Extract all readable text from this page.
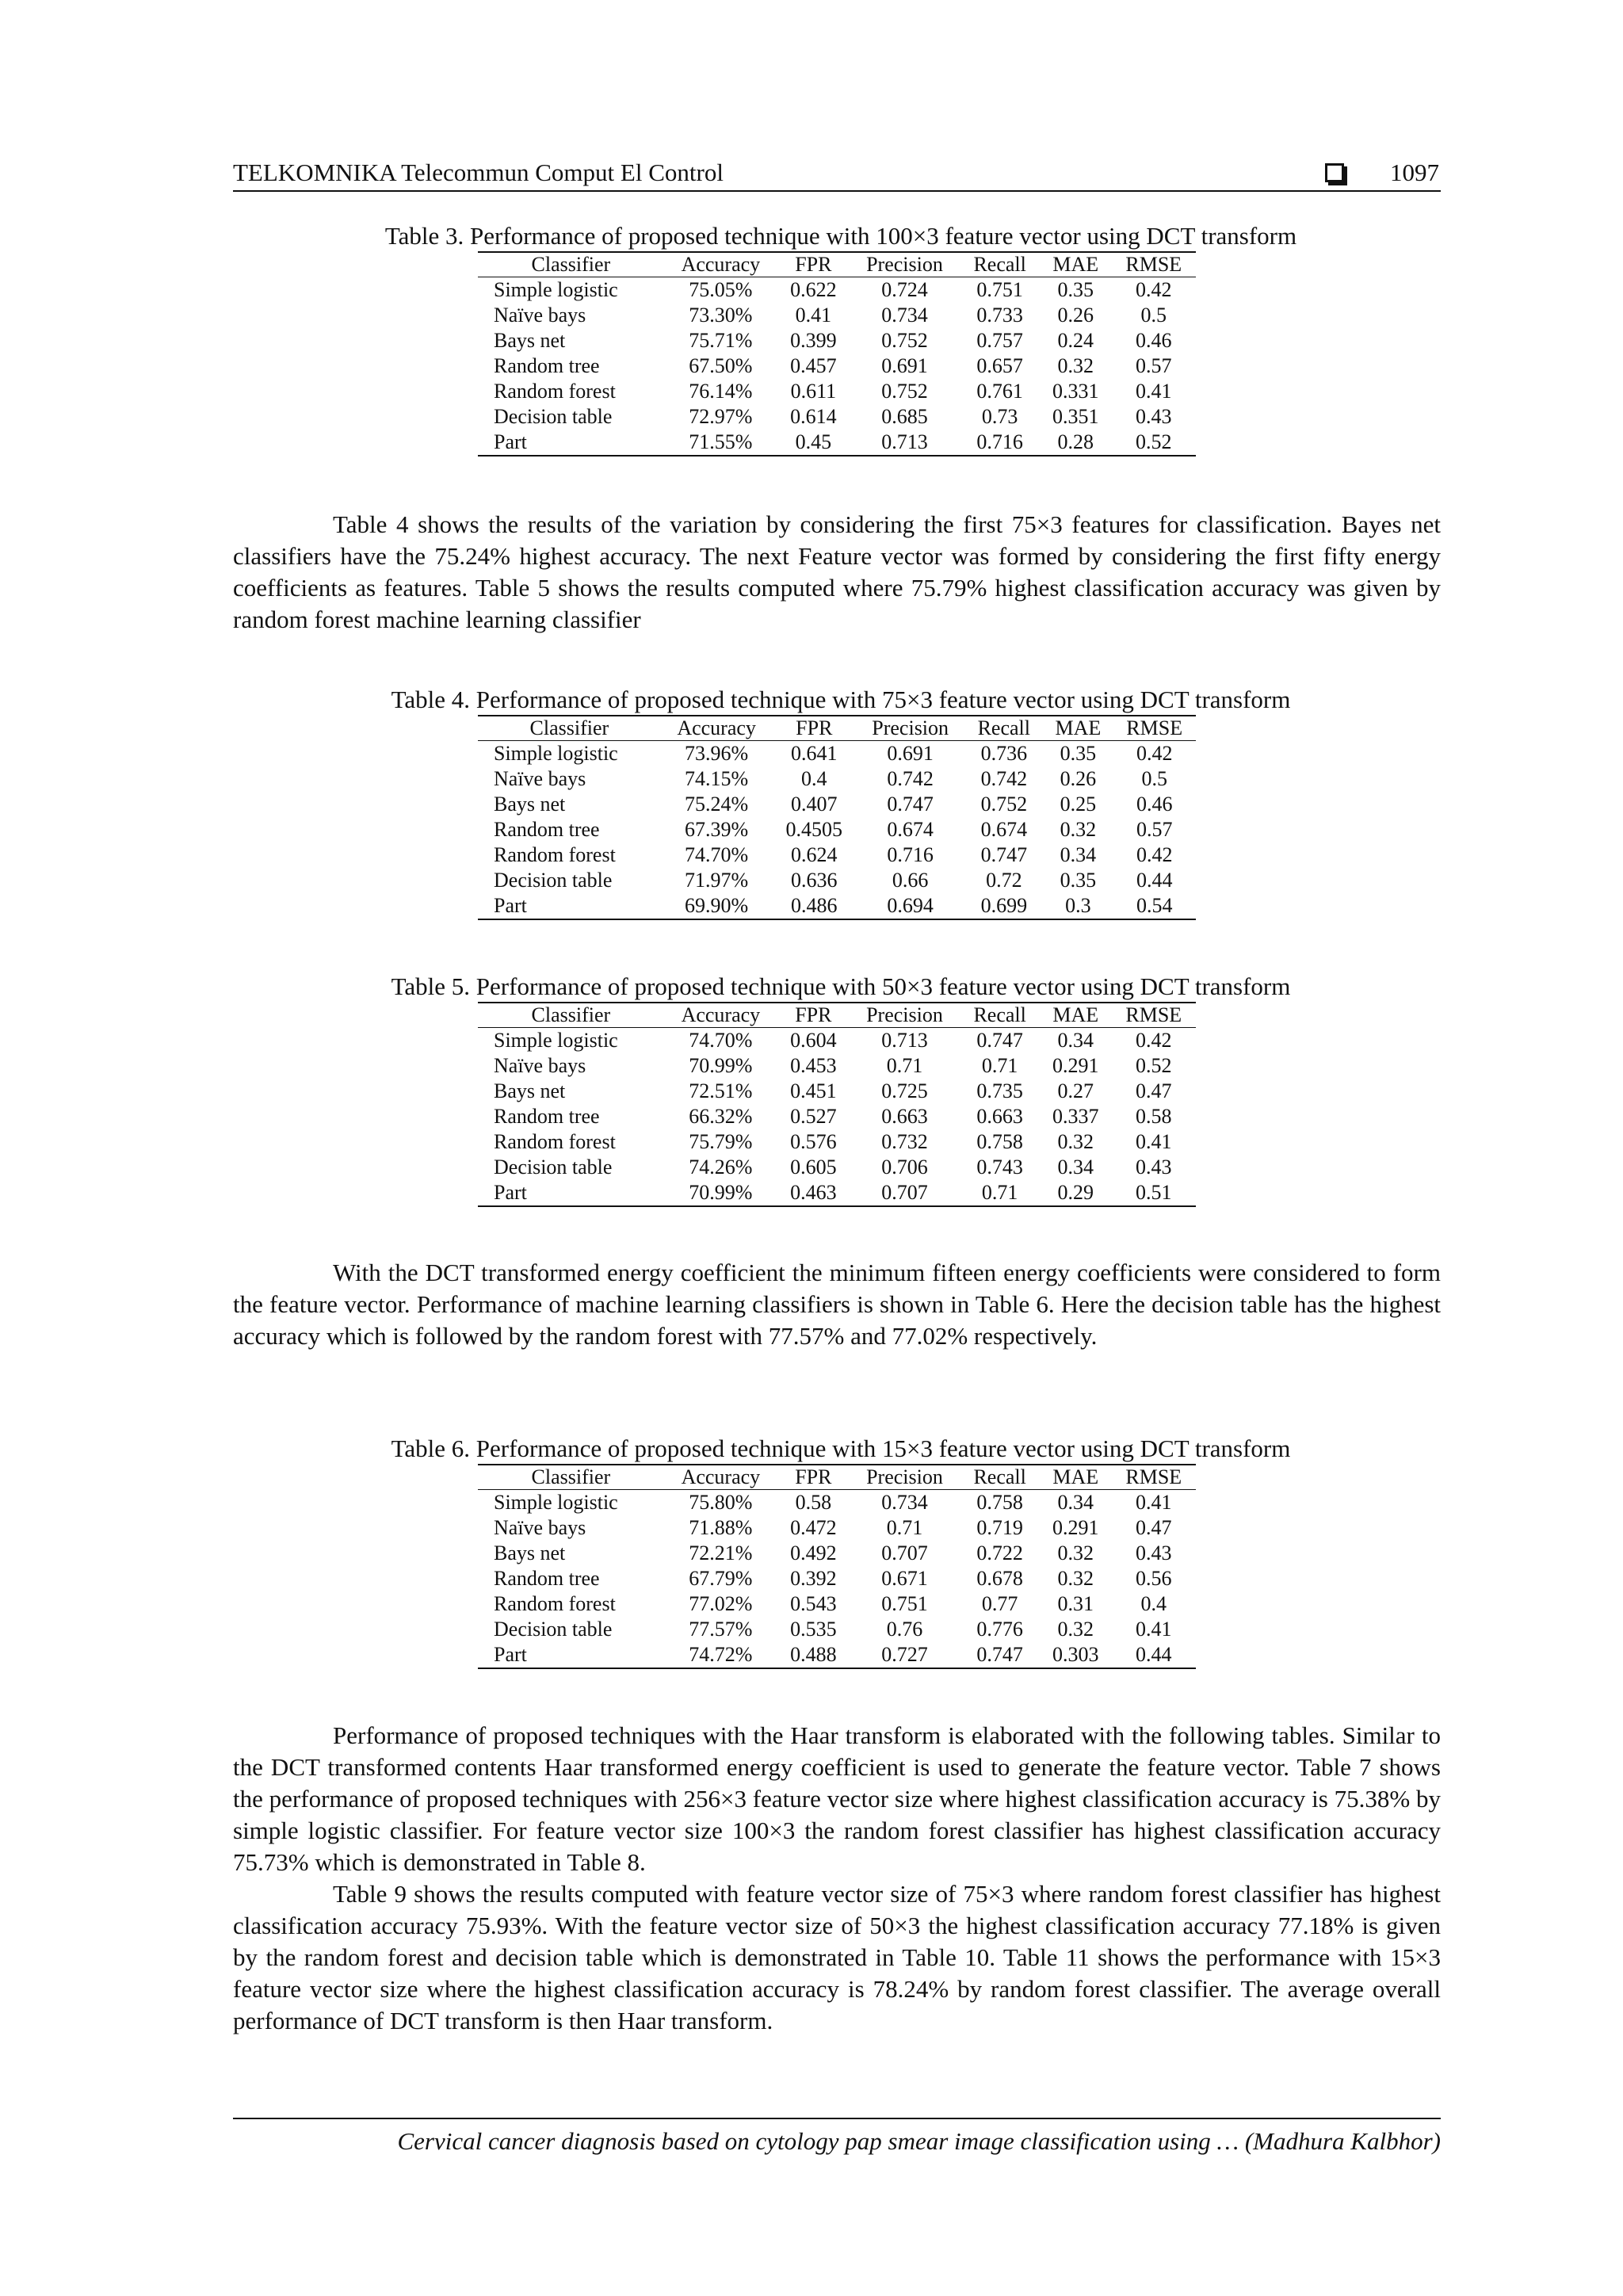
TELKOMNIKA Telecommun Comput El Control	1097
Table 3. Performance of proposed technique with 100×3 feature vector using DCT transform
Classifier	Accuracy	FPR	Precision	Recall	MAE	RMSE
Simple logistic	75.05%	0.622	0.724	0.751	0.35	0.42
Naïve bays	73.30%	0.41	0.734	0.733	0.26	0.5
Bays net	75.71%	0.399	0.752	0.757	0.24	0.46
Random tree	67.50%	0.457	0.691	0.657	0.32	0.57
Random forest	76.14%	0.611	0.752	0.761	0.331	0.41
Decision table	72.97%	0.614	0.685	0.73	0.351	0.43
Part	71.55%	0.45	0.713	0.716	0.28	0.52

Table 4 shows the results of the variation by considering the first 75×3 features for classification. Bayes net classifiers have the 75.24% highest accuracy. The next Feature vector was formed by considering the first fifty energy coefficients as features. Table 5 shows the results computed where 75.79% highest classification accuracy was given by random forest machine learning classifier

Table 4. Performance of proposed technique with 75×3 feature vector using DCT transform
Classifier	Accuracy	FPR	Precision	Recall	MAE	RMSE
Simple logistic	73.96%	0.641	0.691	0.736	0.35	0.42
Naïve bays	74.15%	0.4	0.742	0.742	0.26	0.5
Bays net	75.24%	0.407	0.747	0.752	0.25	0.46
Random tree	67.39%	0.4505	0.674	0.674	0.32	0.57
Random forest	74.70%	0.624	0.716	0.747	0.34	0.42
Decision table	71.97%	0.636	0.66	0.72	0.35	0.44
Part	69.90%	0.486	0.694	0.699	0.3	0.54
Table 5. Performance of proposed technique with 50×3 feature vector using DCT transform
Classifier	Accuracy	FPR	Precision	Recall	MAE	RMSE
Simple logistic	74.70%	0.604	0.713	0.747	0.34	0.42
Naïve bays	70.99%	0.453	0.71	0.71	0.291	0.52
Bays net	72.51%	0.451	0.725	0.735	0.27	0.47
Random tree	66.32%	0.527	0.663	0.663	0.337	0.58
Random forest	75.79%	0.576	0.732	0.758	0.32	0.41
Decision table	74.26%	0.605	0.706	0.743	0.34	0.43
Part	70.99%	0.463	0.707	0.71	0.29	0.51

With the DCT transformed energy coefficient the minimum fifteen energy coefficients were considered to form the feature vector. Performance of machine learning classifiers is shown in Table 6. Here the decision table has the highest accuracy which is followed by the random forest with 77.57% and 77.02% respectively.

Table 6. Performance of proposed technique with 15×3 feature vector using DCT transform
Classifier	Accuracy	FPR	Precision	Recall	MAE	RMSE
Simple logistic	75.80%	0.58	0.734	0.758	0.34	0.41
Naïve bays	71.88%	0.472	0.71	0.719	0.291	0.47
Bays net	72.21%	0.492	0.707	0.722	0.32	0.43
Random tree	67.79%	0.392	0.671	0.678	0.32	0.56
Random forest	77.02%	0.543	0.751	0.77	0.31	0.4
Decision table	77.57%	0.535	0.76	0.776	0.32	0.41
Part	74.72%	0.488	0.727	0.747	0.303	0.44

Performance of proposed techniques with the Haar transform is elaborated with the following tables. Similar to the DCT transformed contents Haar transformed energy coefficient is used to generate the feature vector. Table 7 shows the performance of proposed techniques with 256×3 feature vector size where highest classification accuracy is 75.38% by simple logistic classifier. For feature vector size 100×3 the random forest classifier has highest classification accuracy 75.73% which is demonstrated in Table 8.

Table 9 shows the results computed with feature vector size of 75×3 where random forest classifier has highest classification accuracy 75.93%. With the feature vector size of 50×3 the highest classification accuracy 77.18% is given by the random forest and decision table which is demonstrated in Table 10. Table 11 shows the performance with 15×3 feature vector size where the highest classification accuracy is 78.24% by random forest classifier. The average overall performance of DCT transform is then Haar transform.

Cervical cancer diagnosis based on cytology pap smear image classification using … (Madhura Kalbhor)
